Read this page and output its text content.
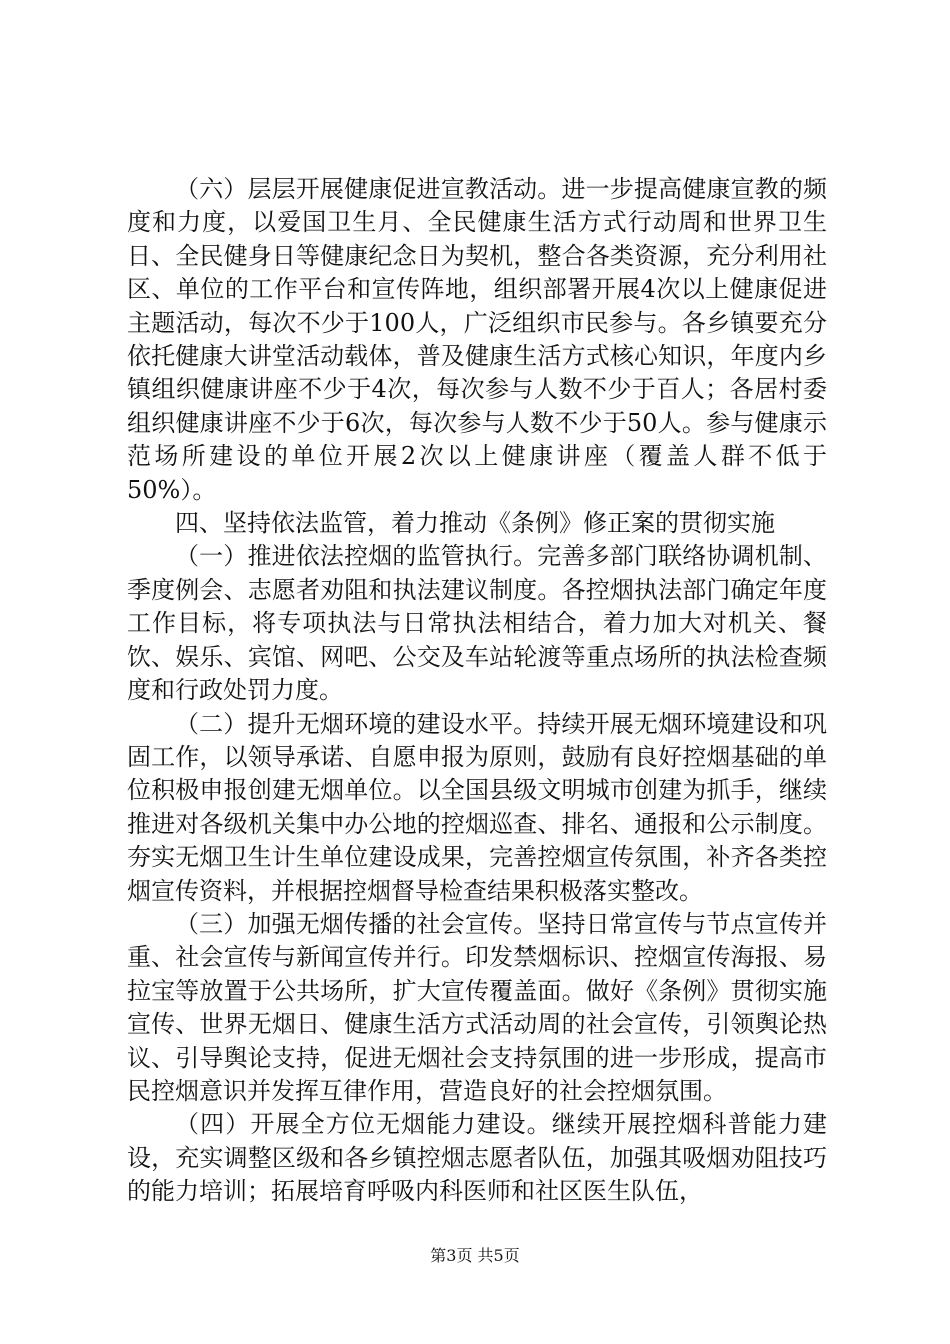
（六）层层开展健康促进宣教活动。进一步提高健康宣教的频度和力度，以爱国卫生月、全民健康生活方式行动周和世界卫生日、全民健身日等健康纪念日为契机，整合各类资源，充分利用社区、单位的工作平台和宣传阵地，组织部署开展4次以上健康促进主题活动，每次不少于100人，广泛组织市民参与。各乡镇要充分依托健康大讲堂活动载体，普及健康生活方式核心知识，年度内乡镇组织健康讲座不少于4次，每次参与人数不少于百人；各居村委组织健康讲座不少于6次，每次参与人数不少于50人。参与健康示范场所建设的单位开展2次以上健康讲座（覆盖人群不低于50%）。

四、坚持依法监管，着力推动《条例》修正案的贯彻实施

（一）推进依法控烟的监管执行。完善多部门联络协调机制、季度例会、志愿者劝阻和执法建议制度。各控烟执法部门确定年度工作目标，将专项执法与日常执法相结合，着力加大对机关、餐饮、娱乐、宾馆、网吧、公交及车站轮渡等重点场所的执法检查频度和行政处罚力度。

（二）提升无烟环境的建设水平。持续开展无烟环境建设和巩固工作，以领导承诺、自愿申报为原则，鼓励有良好控烟基础的单位积极申报创建无烟单位。以全国县级文明城市创建为抓手，继续推进对各级机关集中办公地的控烟巡查、排名、通报和公示制度。夯实无烟卫生计生单位建设成果，完善控烟宣传氛围，补齐各类控烟宣传资料，并根据控烟督导检查结果积极落实整改。

（三）加强无烟传播的社会宣传。坚持日常宣传与节点宣传并重、社会宣传与新闻宣传并行。印发禁烟标识、控烟宣传海报、易拉宝等放置于公共场所，扩大宣传覆盖面。做好《条例》贯彻实施宣传、世界无烟日、健康生活方式活动周的社会宣传，引领舆论热议、引导舆论支持，促进无烟社会支持氛围的进一步形成，提高市民控烟意识并发挥互律作用，营造良好的社会控烟氛围。

（四）开展全方位无烟能力建设。继续开展控烟科普能力建设，充实调整区级和各乡镇控烟志愿者队伍，加强其吸烟劝阻技巧的能力培训；拓展培育呼吸内科医师和社区医生队伍，

第3页 共5页
